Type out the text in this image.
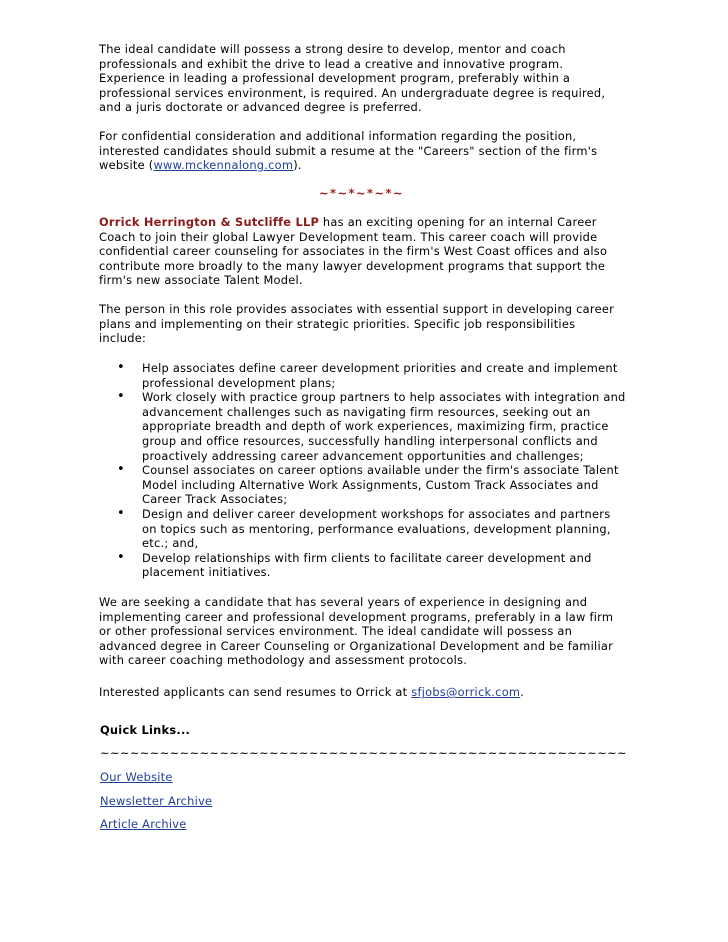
The ideal candidate will possess a strong desire to develop, mentor and coach
professionals and exhibit the drive to lead a creative and innovative program.
Experience in leading a professional development program, preferably within a
professional services environment, is required. An undergraduate degree is required,
and a juris doctorate or advanced degree is preferred.
For confidential consideration and additional information regarding the position,
interested candidates should submit a resume at the "Careers" section of the firm's
website (www.mckennalong.com).
~*~*~*~*~
Orrick Herrington & Sutcliffe LLP has an exciting opening for an internal Career
Coach to join their global Lawyer Development team. This career coach will provide
confidential career counseling for associates in the firm's West Coast offices and also
contribute more broadly to the many lawyer development programs that support the
firm's new associate Talent Model.
The person in this role provides associates with essential support in developing career
plans and implementing on their strategic priorities. Specific job responsibilities
include:
• Help associates define career development priorities and create and implement
professional development plans;
• Work closely with practice group partners to help associates with integration and
advancement challenges such as navigating firm resources, seeking out an
appropriate breadth and depth of work experiences, maximizing firm, practice
group and office resources, successfully handling interpersonal conflicts and
proactively addressing career advancement opportunities and challenges;
• Counsel associates on career options available under the firm's associate Talent
Model including Alternative Work Assignments, Custom Track Associates and
Career Track Associates;
• Design and deliver career development workshops for associates and partners
on topics such as mentoring, performance evaluations, development planning,
etc.; and,
• Develop relationships with firm clients to facilitate career development and
placement initiatives.
We are seeking a candidate that has several years of experience in designing and
implementing career and professional development programs, preferably in a law firm
or other professional services environment. The ideal candidate will possess an
advanced degree in Career Counseling or Organizational Development and be familiar
with career coaching methodology and assessment protocols.
Interested applicants can send resumes to Orrick at sfjobs@orrick.com.
Quick Links...
~~~~~~~~~~~~~~~~~~~~~~~~~~~~~~~~~~~~~~~~~~~~~~~~~~~~~
Our Website
Newsletter Archive
Article Archive
